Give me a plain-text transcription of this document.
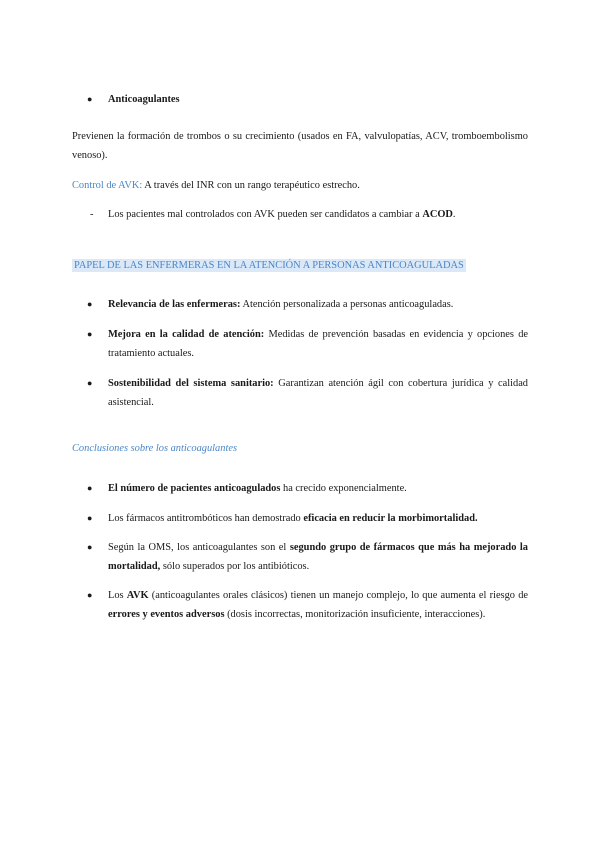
● Anticoagulantes
Previenen la formación de trombos o su crecimiento (usados en FA, valvulopatías, ACV, tromboembolismo venoso).
Control de AVK: A través del INR con un rango terapéutico estrecho.
- Los pacientes mal controlados con AVK pueden ser candidatos a cambiar a ACOD.
PAPEL DE LAS ENFERMERAS EN LA ATENCIÓN A PERSONAS ANTICOAGULADAS
● Relevancia de las enfermeras: Atención personalizada a personas anticoaguladas.
● Mejora en la calidad de atención: Medidas de prevención basadas en evidencia y opciones de tratamiento actuales.
● Sostenibilidad del sistema sanitario: Garantizan atención ágil con cobertura jurídica y calidad asistencial.
Conclusiones sobre los anticoagulantes
● El número de pacientes anticoagulados ha crecido exponencialmente.
● Los fármacos antitrombóticos han demostrado eficacia en reducir la morbimortalidad.
● Según la OMS, los anticoagulantes son el segundo grupo de fármacos que más ha mejorado la mortalidad, sólo superados por los antibióticos.
● Los AVK (anticoagulantes orales clásicos) tienen un manejo complejo, lo que aumenta el riesgo de errores y eventos adversos (dosis incorrectas, monitorización insuficiente, interacciones).
